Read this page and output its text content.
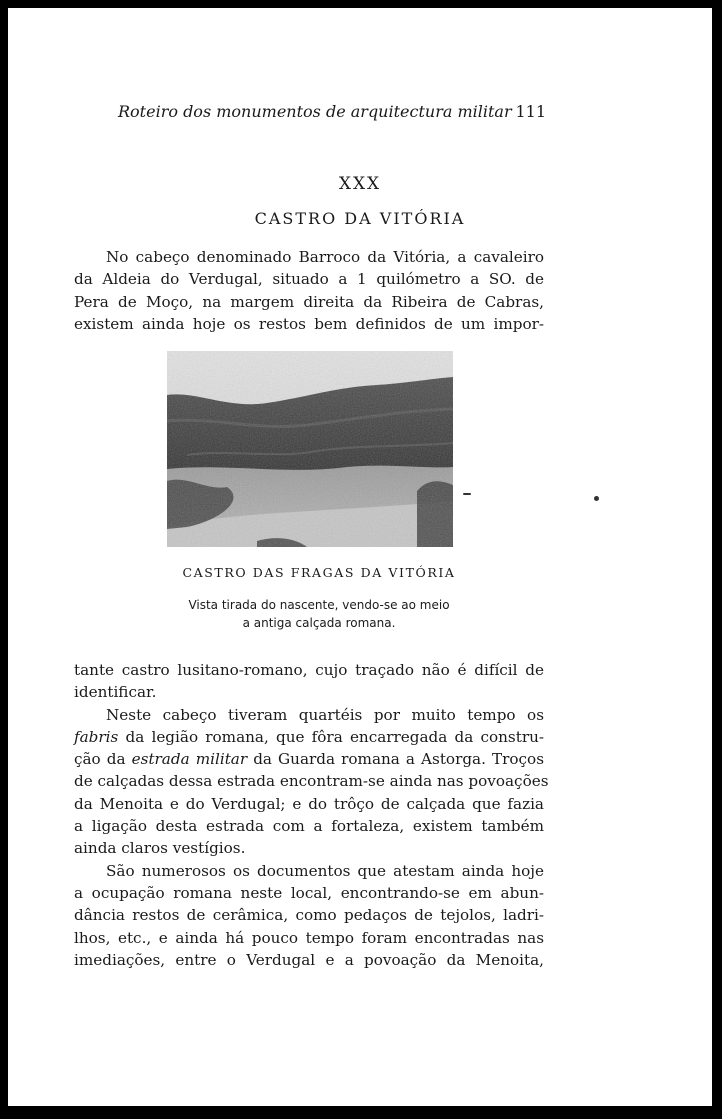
Roteiro dos monumentos de arquitectura militar 111
XXX
CASTRO DA VITÓRIA
No cabeço denominado Barroco da Vitória, a cavaleiro
da Aldeia do Verdugal, situado a 1 quilómetro a SO. de
Pera de Moço, na margem direita da Ribeira de Cabras,
existem ainda hoje os restos bem definidos de um impor-
CASTRO DAS FRAGAS DA VITÓRIA
Vista tirada do nascente, vendo-se ao meio
a antiga calçada romana.
tante castro lusitano-romano, cujo traçado não é difícil de
identificar.
Neste cabeço tiveram quartéis por muito tempo os
fabris da legião romana, que fôra encarregada da constru-
ção da estrada militar da Guarda romana a Astorga. Troços
de calçadas dessa estrada encontram-se ainda nas povoações
da Menoita e do Verdugal; e do trôço de calçada que fazia
a ligação desta estrada com a fortaleza, existem também
ainda claros vestígios.
São numerosos os documentos que atestam ainda hoje
a ocupação romana neste local, encontrando-se em abun-
dância restos de cerâmica, como pedaços de tejolos, ladri-
lhos, etc., e ainda há pouco tempo foram encontradas nas
imediações, entre o Verdugal e a povoação da Menoita,
